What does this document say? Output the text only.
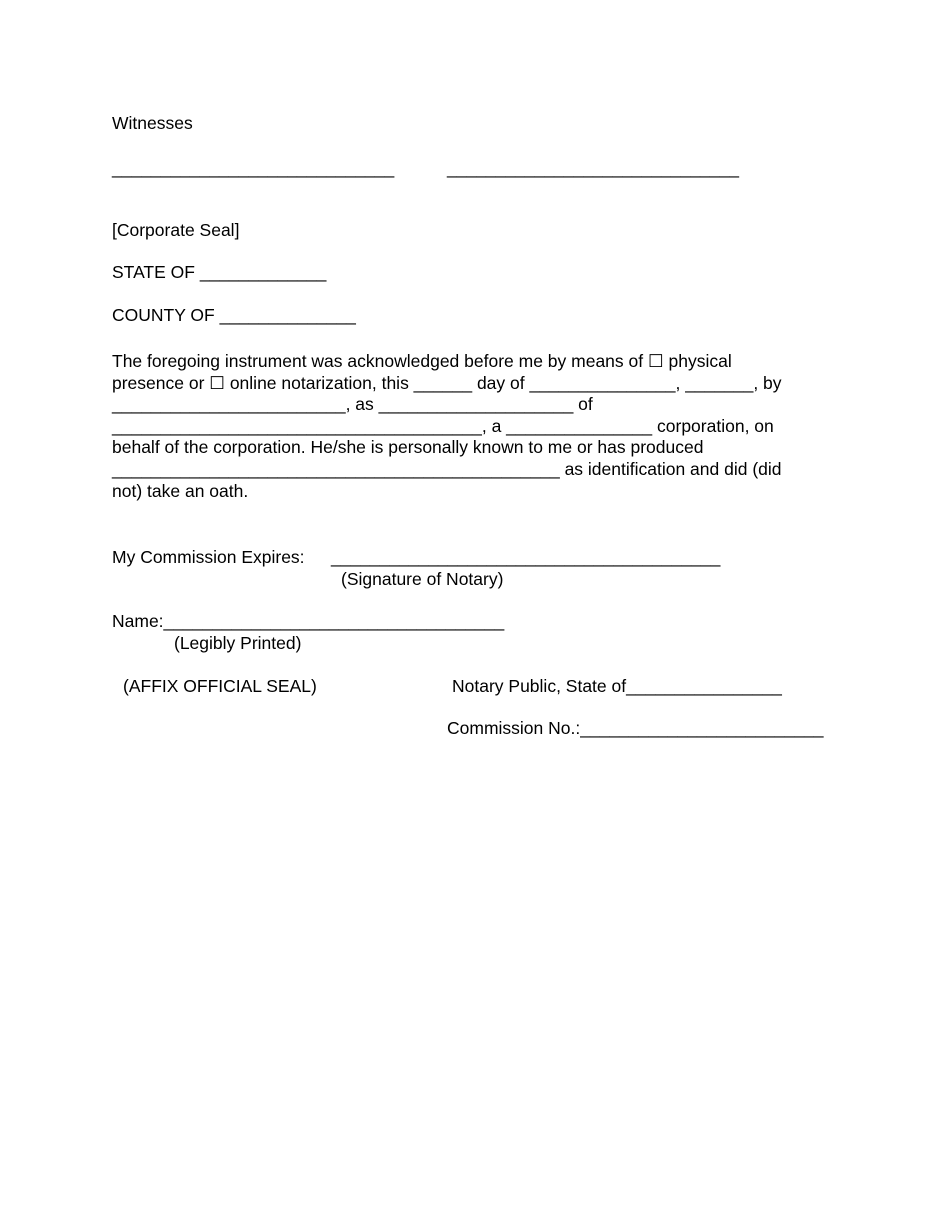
Witnesses
_____________________________	______________________________
[Corporate Seal]
STATE OF _____________
COUNTY OF ______________
The foregoing instrument was acknowledged before me by means of ☐ physical
presence or ☐ online notarization, this ______ day of _______________, _______, by
________________________, as ____________________ of
______________________________________, a _______________ corporation, on
behalf of the corporation. He/she is personally known to me or has produced
______________________________________________ as identification and did (did
not) take an oath.
My Commission Expires: ________________________________________
(Signature of Notary)
Name:___________________________________
(Legibly Printed)
(AFFIX OFFICIAL SEAL)	Notary Public, State of________________
Commission No.:_________________________
